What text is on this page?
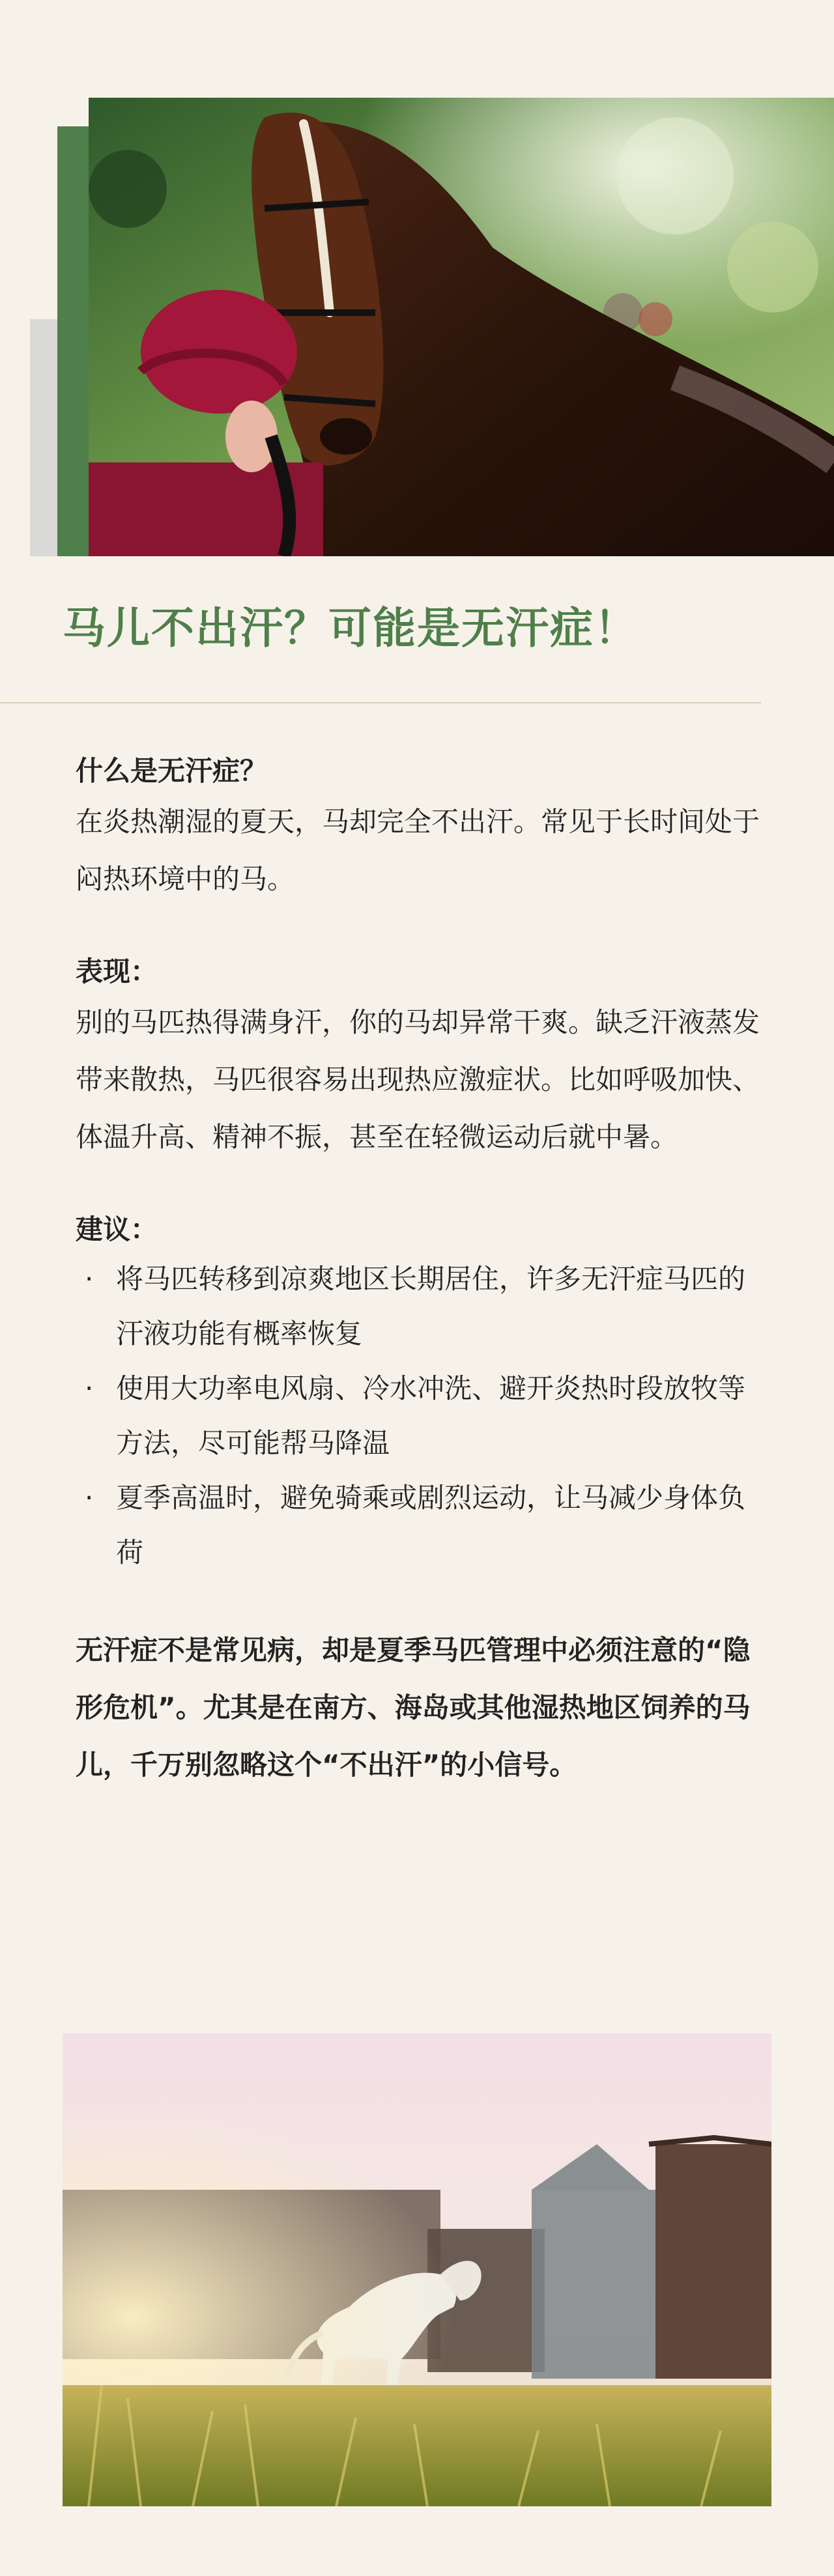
马儿不出汗？可能是无汗症！

什么是无汗症？

在炎热潮湿的夏天，马却完全不出汗。常见于长时间处于闷热环境中的马。

表现：

别的马匹热得满身汗，你的马却异常干爽。缺乏汗液蒸发带来散热，马匹很容易出现热应激症状。比如呼吸加快、体温升高、精神不振，甚至在轻微运动后就中暑。

建议：

· 将马匹转移到凉爽地区长期居住，许多无汗症马匹的汗液功能有概率恢复
· 使用大功率电风扇、冷水冲洗、避开炎热时段放牧等方法，尽可能帮马降温
· 夏季高温时，避免骑乘或剧烈运动，让马减少身体负荷

无汗症不是常见病，却是夏季马匹管理中必须注意的“隐形危机”。尤其是在南方、海岛或其他湿热地区饲养的马儿，千万别忽略这个“不出汗”的小信号。
